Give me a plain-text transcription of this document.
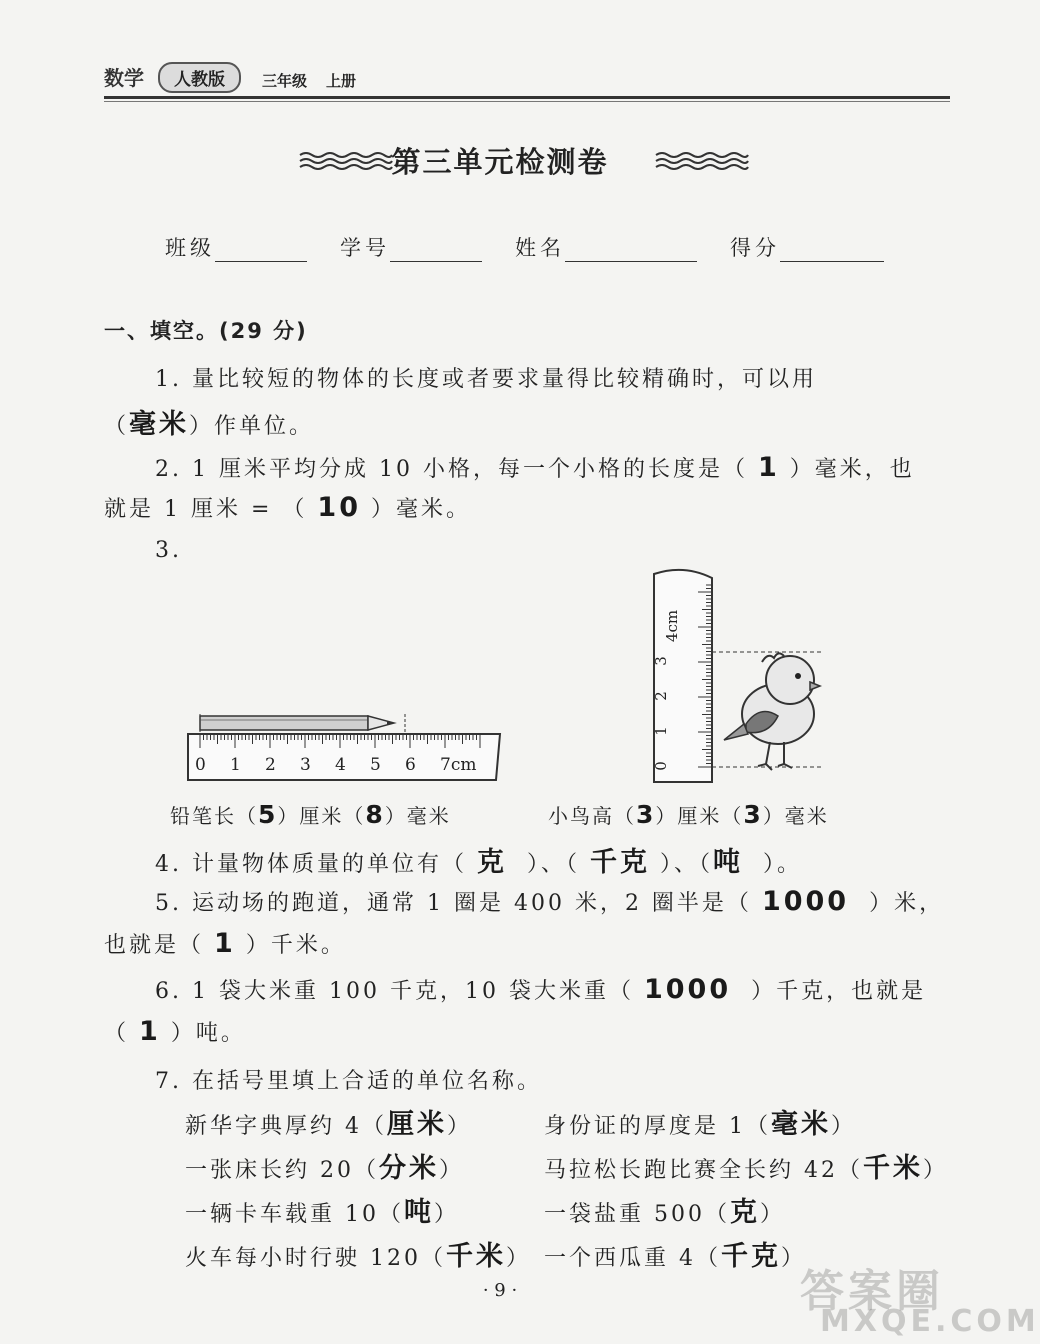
数学	人教版	三年级 上册
第三单元检测卷
班级	学号	姓名	得分
一、填空。(29 分)
1. 量比较短的物体的长度或者要求量得比较精确时，可以用
（毫米）作单位。
2. 1 厘米平均分成 10 小格，每一个小格的长度是（ 1 ）毫米，也
就是 1 厘米 = （ 10 ）毫米。
3.
0 1 2 3 4 5 6 7cm	0
1
2
3
4cm
铅笔长（5）厘米（8）毫米	小鸟高（3）厘米（3）毫米
4. 计量物体质量的单位有（ 克 ）、（ 千克 ）、（吨 ）。
5. 运动场的跑道，通常 1 圈是 400 米，2 圈半是（ 1000 ）米，
也就是（ 1 ）千米。
6. 1 袋大米重 100 千克，10 袋大米重（ 1000 ）千克，也就是
（ 1 ）吨。
7. 在括号里填上合适的单位名称。
新华字典厚约 4（厘米）	身份证的厚度是 1（毫米）
一张床长约 20（分米）	马拉松长跑比赛全长约 42（千米）
一辆卡车载重 10（吨）	一袋盐重 500（克）
火车每小时行驶 120（千米） 一个西瓜重 4（千克）
· 9 ·	答案圈
MXQE.COM
